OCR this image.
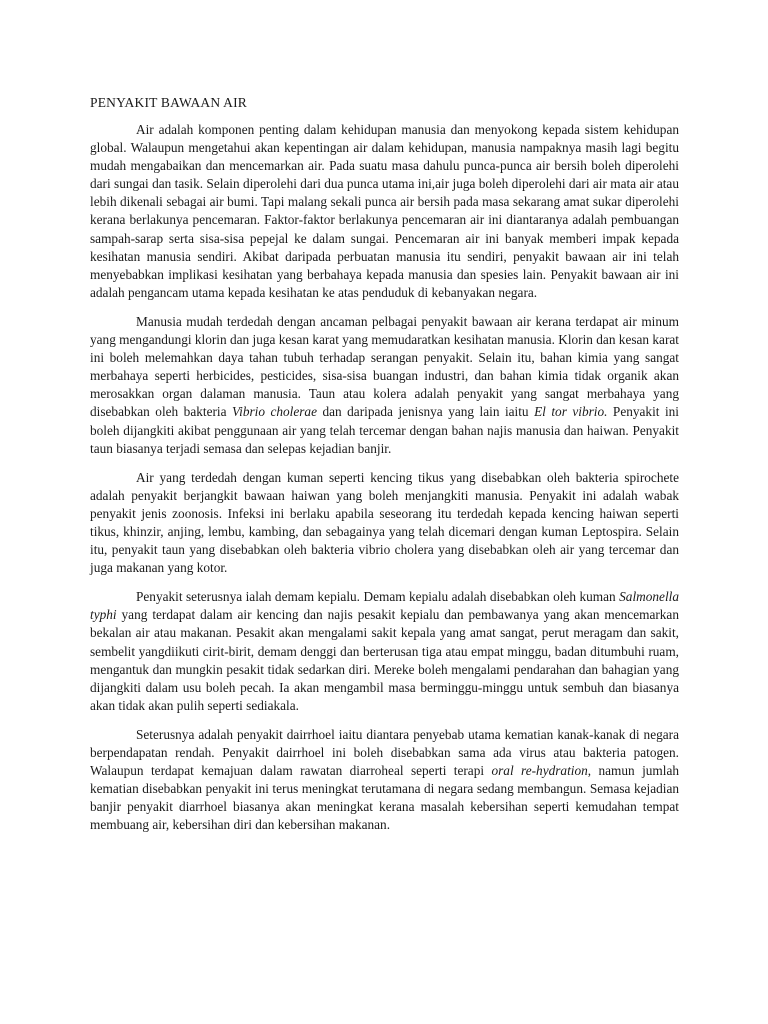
PENYAKIT BAWAAN AIR

Air adalah komponen penting dalam kehidupan manusia dan menyokong kepada sistem kehidupan global. Walaupun mengetahui akan kepentingan air dalam kehidupan, manusia nampaknya masih lagi begitu mudah mengabaikan dan mencemarkan air. Pada suatu masa dahulu punca-punca air bersih boleh diperolehi dari sungai dan tasik. Selain diperolehi dari dua punca utama ini,air juga boleh diperolehi dari air mata air atau lebih dikenali sebagai air bumi. Tapi malang sekali punca air bersih pada masa sekarang amat sukar diperolehi kerana berlakunya pencemaran. Faktor-faktor berlakunya pencemaran air ini diantaranya adalah pembuangan sampah-sarap serta sisa-sisa pepejal ke dalam sungai. Pencemaran air ini banyak memberi impak kepada kesihatan manusia sendiri. Akibat daripada perbuatan manusia itu sendiri, penyakit bawaan air ini telah menyebabkan implikasi kesihatan yang berbahaya kepada manusia dan spesies lain. Penyakit bawaan air ini adalah pengancam utama kepada kesihatan ke atas penduduk di kebanyakan negara.

Manusia mudah terdedah dengan ancaman pelbagai penyakit bawaan air kerana terdapat air minum yang mengandungi klorin dan juga kesan karat yang memudaratkan kesihatan manusia. Klorin dan kesan karat ini boleh melemahkan daya tahan tubuh terhadap serangan penyakit. Selain itu, bahan kimia yang sangat merbahaya seperti herbicides, pesticides, sisa-sisa buangan industri, dan bahan kimia tidak organik akan merosakkan organ dalaman manusia. Taun atau kolera adalah penyakit yang sangat merbahaya yang disebabkan oleh bakteria Vibrio cholerae dan daripada jenisnya yang lain iaitu El tor vibrio. Penyakit ini boleh dijangkiti akibat penggunaan air yang telah tercemar dengan bahan najis manusia dan haiwan. Penyakit taun biasanya terjadi semasa dan selepas kejadian banjir.

Air yang terdedah dengan kuman seperti kencing tikus yang disebabkan oleh bakteria spirochete adalah penyakit berjangkit bawaan haiwan yang boleh menjangkiti manusia. Penyakit ini adalah wabak penyakit jenis zoonosis. Infeksi ini berlaku apabila seseorang itu terdedah kepada kencing haiwan seperti tikus, khinzir, anjing, lembu, kambing, dan sebagainya yang telah dicemari dengan kuman Leptospira. Selain itu, penyakit taun yang disebabkan oleh bakteria vibrio cholera yang disebabkan oleh air yang tercemar dan juga makanan yang kotor.

Penyakit seterusnya ialah demam kepialu. Demam kepialu adalah disebabkan oleh kuman Salmonella typhi yang terdapat dalam air kencing dan najis pesakit kepialu dan pembawanya yang akan mencemarkan bekalan air atau makanan. Pesakit akan mengalami sakit kepala yang amat sangat, perut meragam dan sakit, sembelit yangdiikuti cirit-birit, demam denggi dan berterusan tiga atau empat minggu, badan ditumbuhi ruam, mengantuk dan mungkin pesakit tidak sedarkan diri. Mereke boleh mengalami pendarahan dan bahagian yang dijangkiti dalam usu boleh pecah. Ia akan mengambil masa berminggu-minggu untuk sembuh dan biasanya akan tidak akan pulih seperti sediakala.

Seterusnya adalah penyakit dairrhoel iaitu diantara penyebab utama kematian kanak-kanak di negara berpendapatan rendah. Penyakit dairrhoel ini boleh disebabkan sama ada virus atau bakteria patogen. Walaupun terdapat kemajuan dalam rawatan diarroheal seperti terapi oral re-hydration, namun jumlah kematian disebabkan penyakit ini terus meningkat terutamana di negara sedang membangun. Semasa kejadian banjir penyakit diarrhoel biasanya akan meningkat kerana masalah kebersihan seperti kemudahan tempat membuang air, kebersihan diri dan kebersihan makanan.
